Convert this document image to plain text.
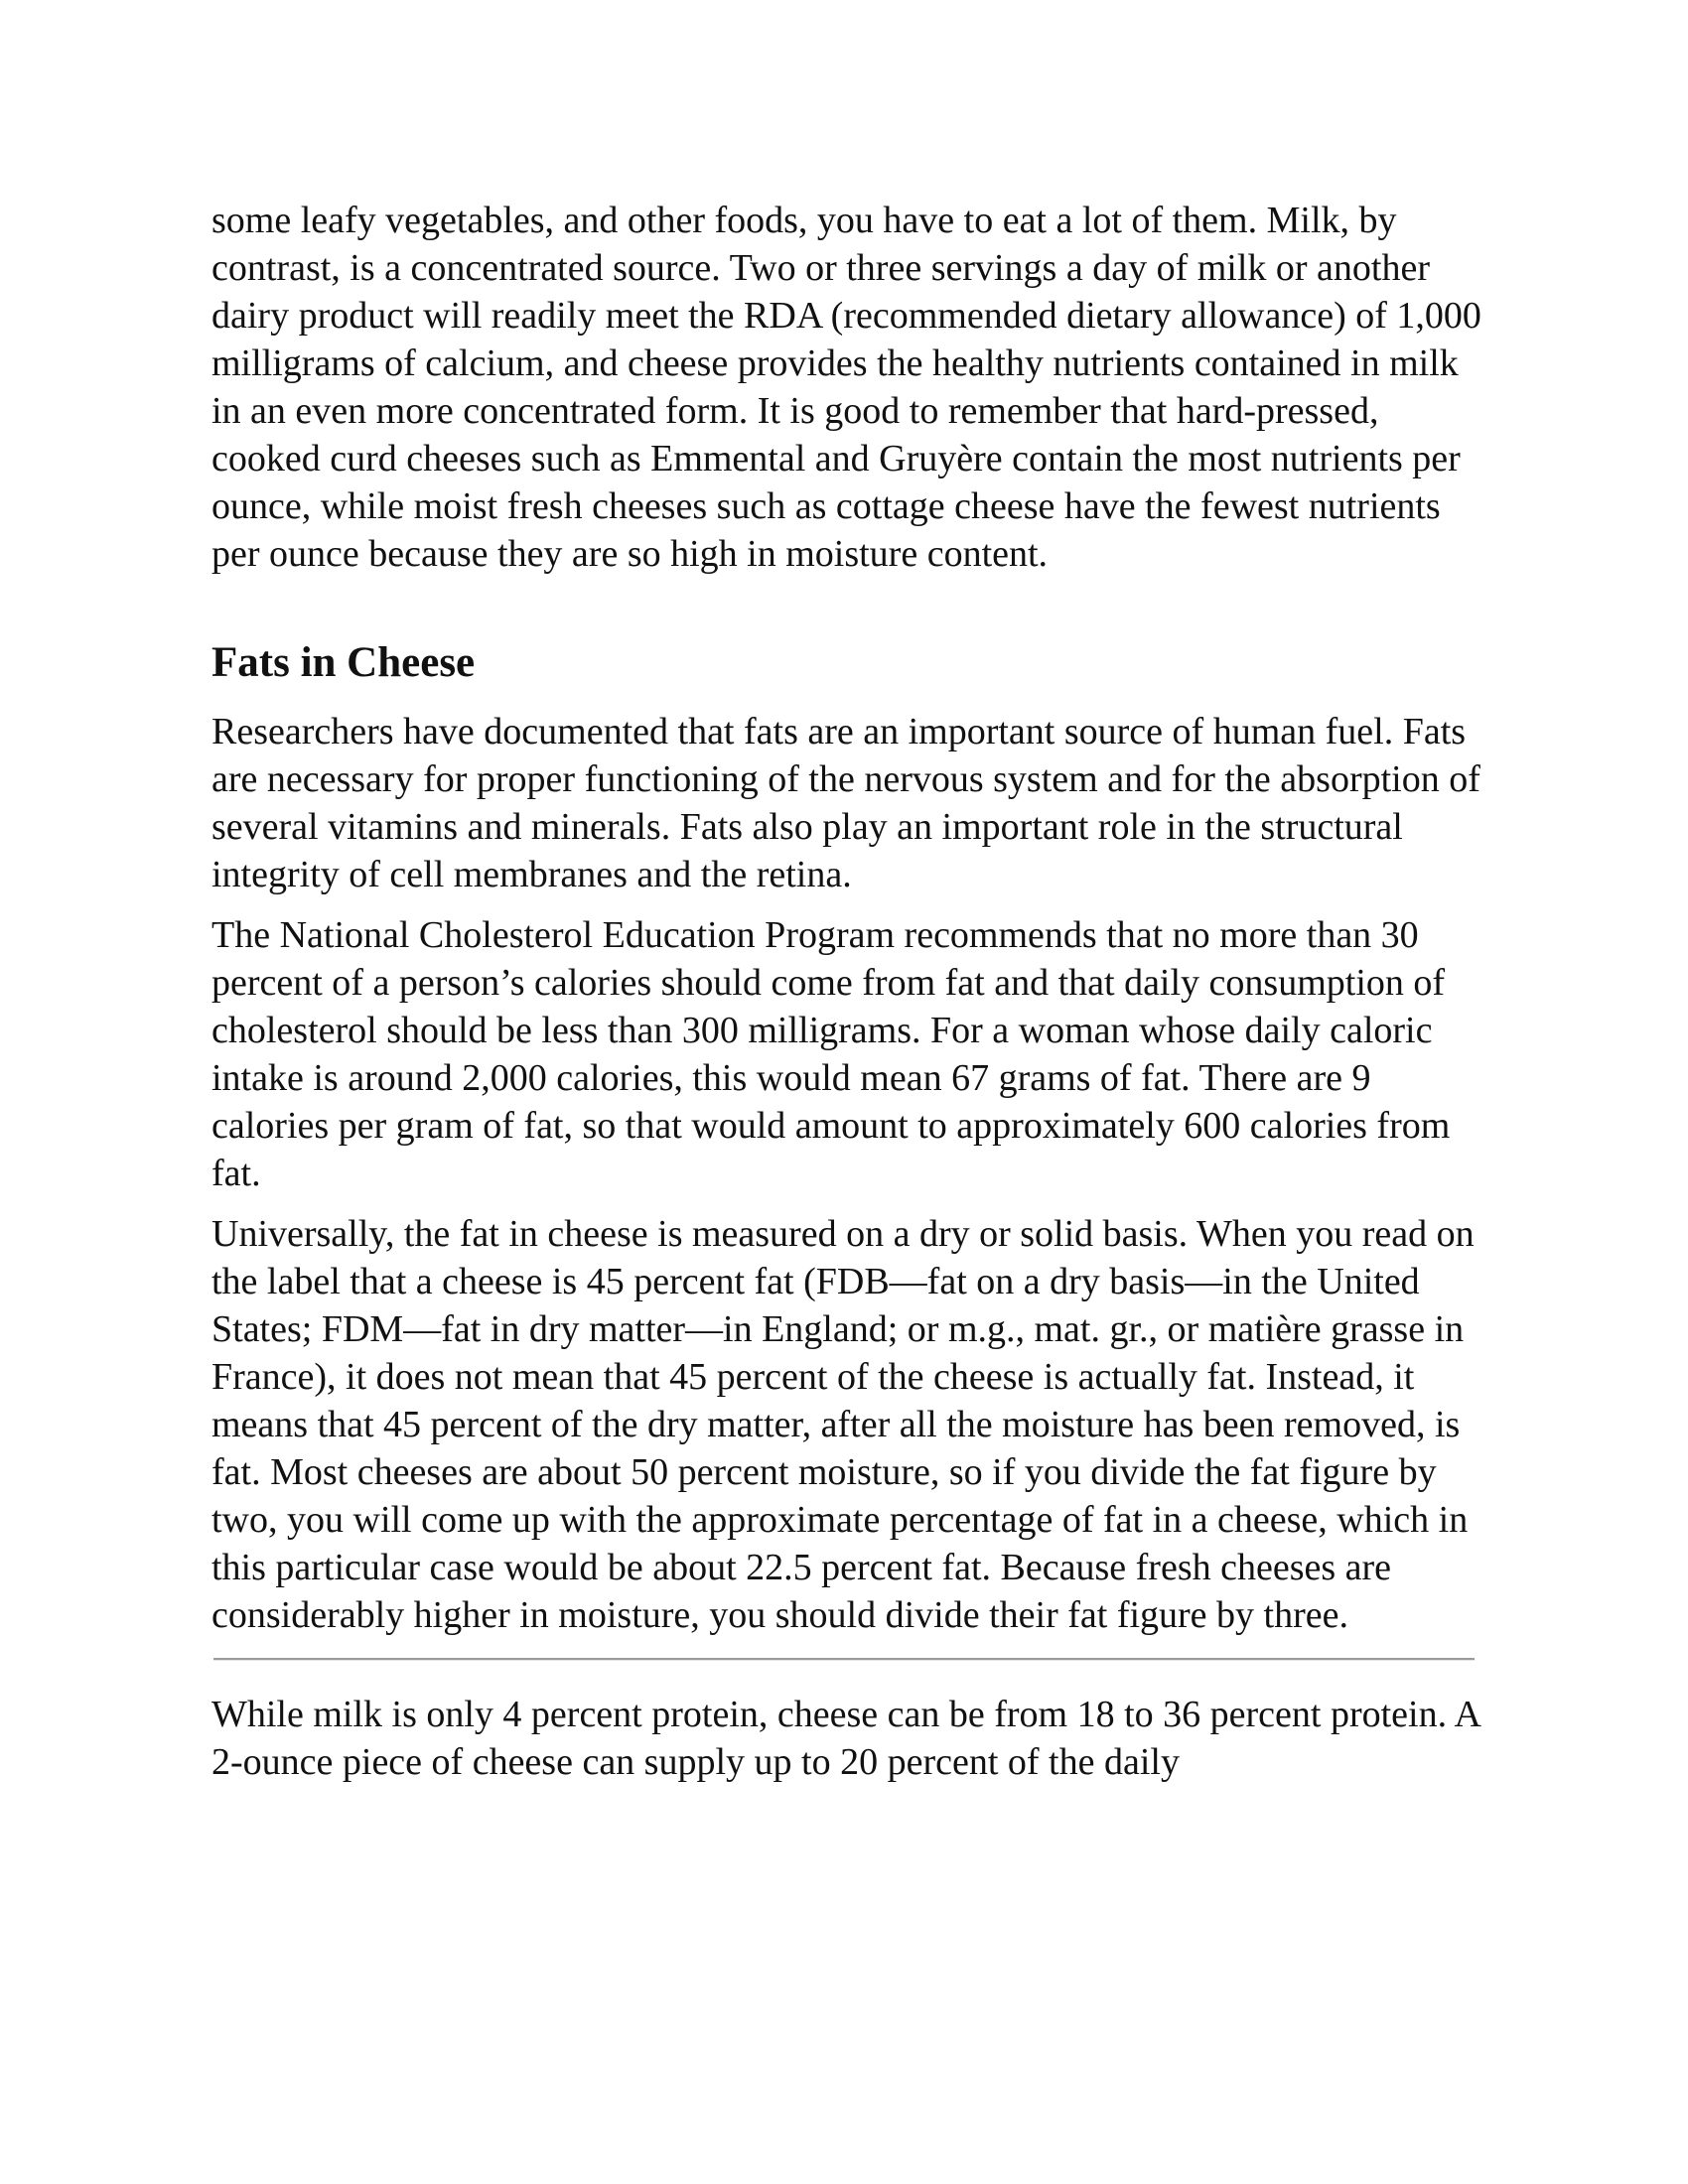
some leafy vegetables, and other foods, you have to eat a lot of them. Milk, by contrast, is a concentrated source. Two or three servings a day of milk or another dairy product will readily meet the RDA (recommended dietary allowance) of 1,000 milligrams of calcium, and cheese provides the healthy nutrients contained in milk in an even more concentrated form. It is good to remember that hard-pressed, cooked curd cheeses such as Emmental and Gruyère contain the most nutrients per ounce, while moist fresh cheeses such as cottage cheese have the fewest nutrients per ounce because they are so high in moisture content.

Fats in Cheese

Researchers have documented that fats are an important source of human fuel. Fats are necessary for proper functioning of the nervous system and for the absorption of several vitamins and minerals. Fats also play an important role in the structural integrity of cell membranes and the retina.

The National Cholesterol Education Program recommends that no more than 30 percent of a person’s calories should come from fat and that daily consumption of cholesterol should be less than 300 milligrams. For a woman whose daily caloric intake is around 2,000 calories, this would mean 67 grams of fat. There are 9 calories per gram of fat, so that would amount to approximately 600 calories from fat.

Universally, the fat in cheese is measured on a dry or solid basis. When you read on the label that a cheese is 45 percent fat (FDB—fat on a dry basis—in the United States; FDM—fat in dry matter—in England; or m.g., mat. gr., or matière grasse in France), it does not mean that 45 percent of the cheese is actually fat. Instead, it means that 45 percent of the dry matter, after all the moisture has been removed, is fat. Most cheeses are about 50 percent moisture, so if you divide the fat figure by two, you will come up with the approximate percentage of fat in a cheese, which in this particular case would be about 22.5 percent fat. Because fresh cheeses are considerably higher in moisture, you should divide their fat figure by three.

While milk is only 4 percent protein, cheese can be from 18 to 36 percent protein. A 2-ounce piece of cheese can supply up to 20 percent of the daily
